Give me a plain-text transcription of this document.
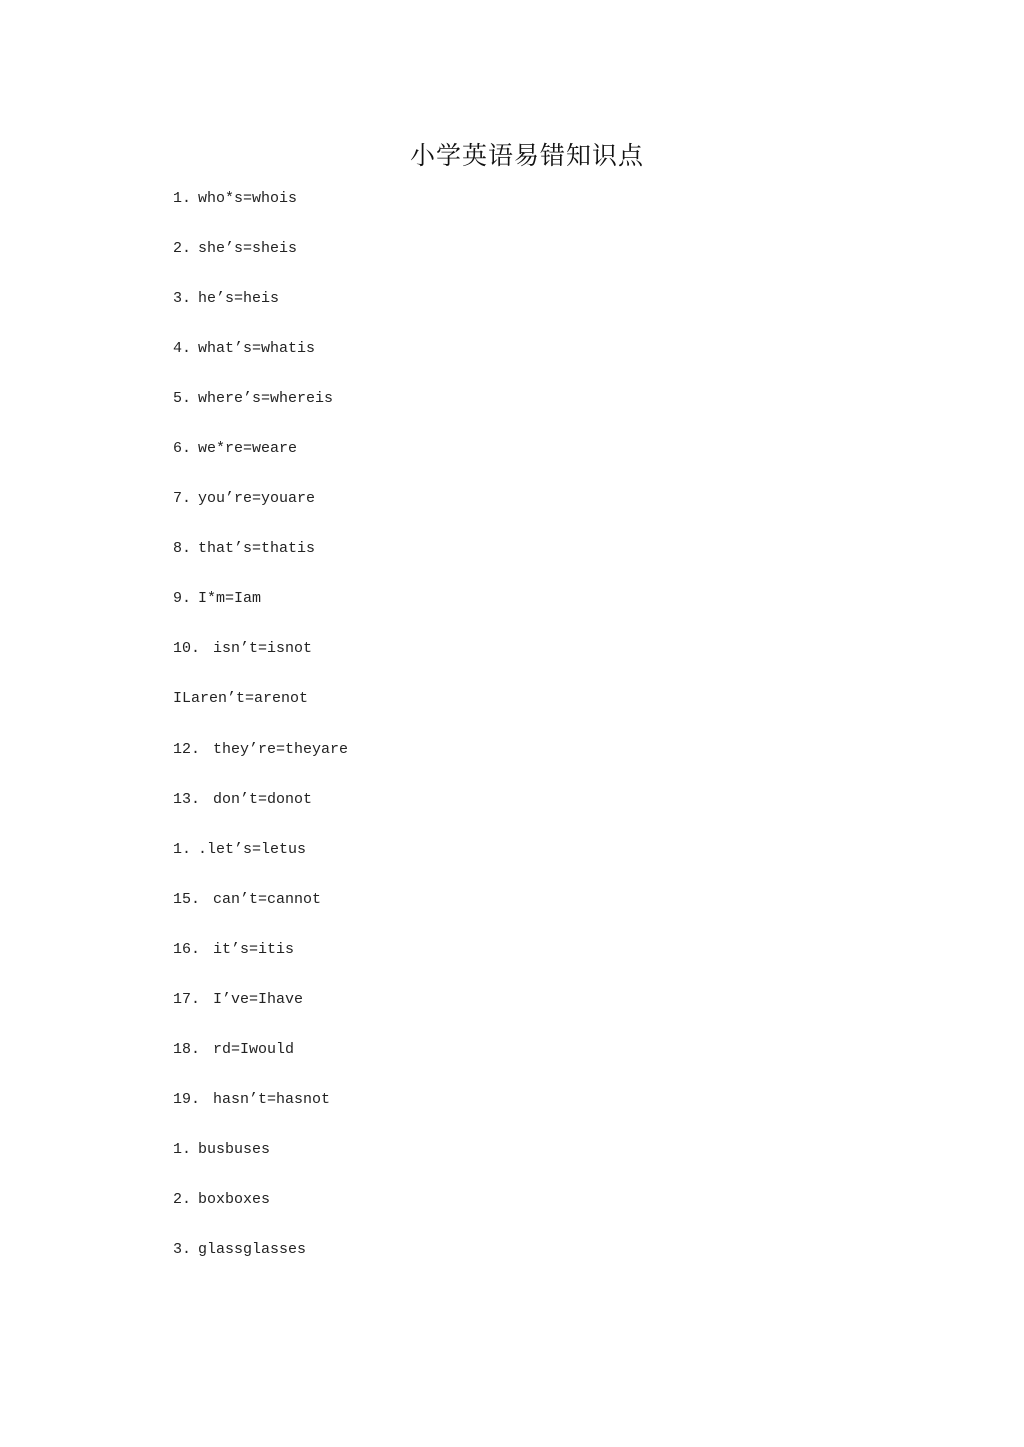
小学英语易错知识点
1. who*s=whois
2. she’s=sheis
3. he’s=heis
4. what’s=whatis
5. where’s=whereis
6. we*re=weare
7. you’re=youare
8. that’s=thatis
9. I*m=Iam
10. isn’t=isnot
ILaren’t=arenot
12. they’re=theyare
13. don’t=donot
1. .let’s=letus
15. can’t=cannot
16. it’s=itis
17. I’ve=Ihave
18. rd=Iwould
19. hasn’t=hasnot
1. busbuses
2. boxboxes
3. glassglasses
